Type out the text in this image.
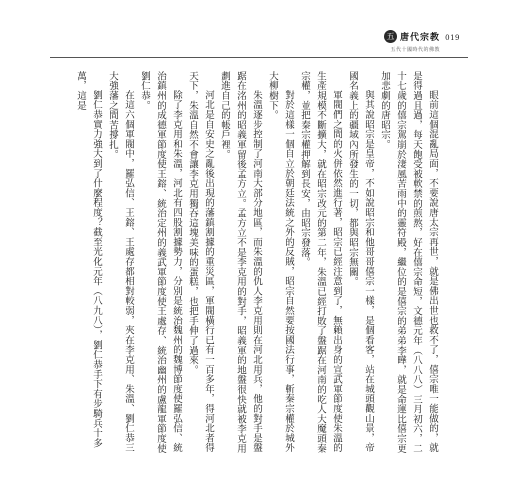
五 唐代宗教
五代十國時代的佛教
019

眼前這個混亂局面，不要說唐太宗再世，就是佛出世也救不了，僖宗唯一能做的，就是得過且過，每天飽受被軟禁的煎熬，好在僖宗命短，文德元年（八八八）三月初六，二十七歲的僖宗駕崩於淒風苦雨中的靈符殿，繼位的是僖宗的弟弟李曄，就是命運比僖宗更加悲劇的唐昭宗。

與其說昭宗是皇帝，不如說昭宗和他哥哥僖宗一樣，是個看客，站在城頭觀山景，帝國名義上的疆域內所發生的一切，都與昭宗無關。

軍閥們之間的火併依然進行著，昭宗已經注意到了，無賴出身的宣武軍節度使朱溫的生產規模不斷擴大，就在昭宗改元的第二年，朱溫已經打敗了盤踞在河南的吃人大魔頭秦宗權，並把秦宗權押解到長安，由昭宗發落。

對於這樣一個自立於朝廷法統之外的反賊，昭宗自然要按國法行事，斬秦宗權於城外大柳樹下。

朱溫逐步控制了河南大部分地區，而朱溫的仇人李克用則在河北用兵，他的對手是盤踞在洺州的昭義軍留後孟方立。孟方立不是李克用的對手，昭義軍的地盤很快就被李克用劃進自己的帳戶裡。

河北是自安史之亂後出現的藩鎮割據的重災區，軍閥橫行已有一百多年，得河北者得天下，朱溫自然不會讓李克用獨吞這塊美味的蛋糕，也把手伸了過來。

除了李克用和朱溫，河北有四股割據勢力，分別是統治魏州的魏博節度使羅弘信、統治鎮州的成德軍節度使王鎔、統治定州的義武軍節度使王處存、統治幽州的盧龍軍節度使劉仁恭。

在這六個軍閥中，羅弘信、王鎔、王處存都相對較弱，夾在李克用、朱溫、劉仁恭三大強藩之間苦撐扎。

劉仁恭實力強大到了什麼程度？截至光化元年（八九八），劉仁恭手下有步騎兵十多萬，這是
